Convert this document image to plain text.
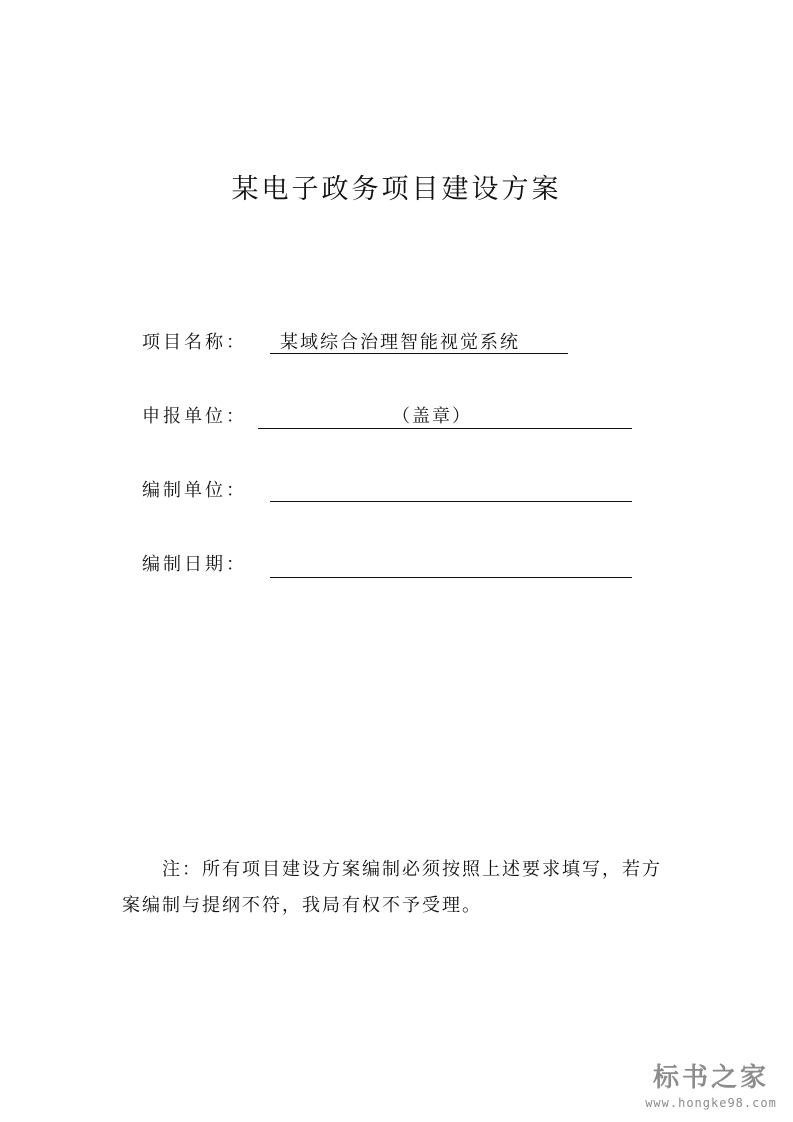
某电子政务项目建设方案
项目名称： 某域综合治理智能视觉系统
申报单位：	（盖章）
编制单位：
编制日期：
注：所有项目建设方案编制必须按照上述要求填写，若方案编制与提纲不符，我局有权不予受理。
标书之家
www.hongke98.com
